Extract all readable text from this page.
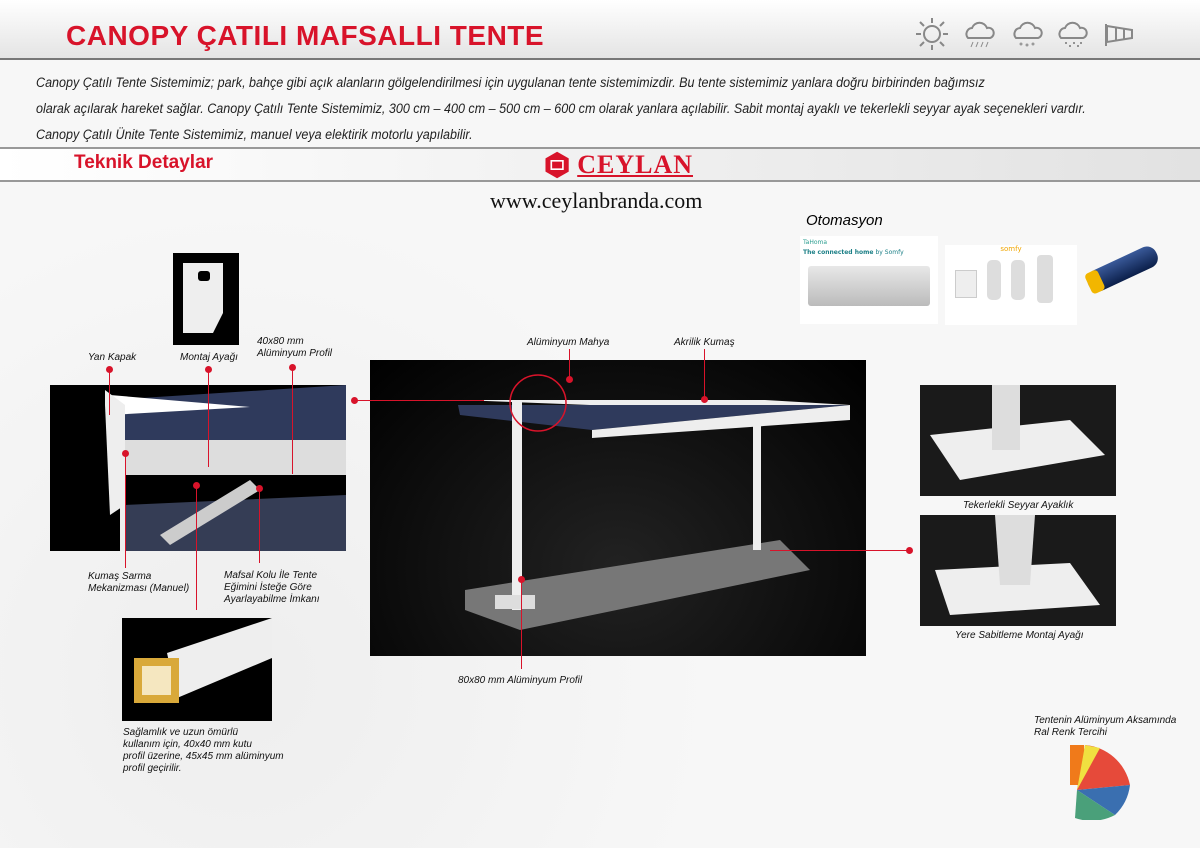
CANOPY ÇATILI MAFSALLI TENTE
Canopy Çatılı Tente Sistemimiz; park, bahçe gibi açık alanların gölgelendirilmesi için uygulanan tente sistemimizdir. Bu tente sistemimiz yanlara doğru birbirinden bağımsız
olarak açılarak hareket sağlar. Canopy Çatılı Tente Sistemimiz, 300 cm – 400 cm – 500 cm – 600 cm olarak yanlara açılabilir. Sabit montaj ayaklı ve tekerlekli seyyar ayak seçenekleri vardır.
Canopy Çatılı Ünite Tente Sistemimiz, manuel veya elektirik motorlu yapılabilir.
Teknik Detaylar	CEYLAN
www.ceylanbranda.com
Otomasyon
TaHoma
The connected home by Somfy	somfy
Yan Kapak	Montaj Ayağı
40x80 mm
Alüminyum Profil
Alüminyum Mahya	Akrilik Kumaş
Kumaş Sarma
Mekanizması (Manuel)
Mafsal Kolu İle Tente
Eğimini İsteğe Göre
Ayarlayabilme İmkanı
80x80 mm Alüminyum Profil
Tekerlekli Seyyar Ayaklık
Yere Sabitleme Montaj Ayağı
Sağlamlık ve uzun ömürlü
kullanım için, 40x40 mm kutu
profil üzerine, 45x45 mm alüminyum
profil geçirilir.
Tentenin Alüminyum Aksamında
Ral Renk Tercihi
